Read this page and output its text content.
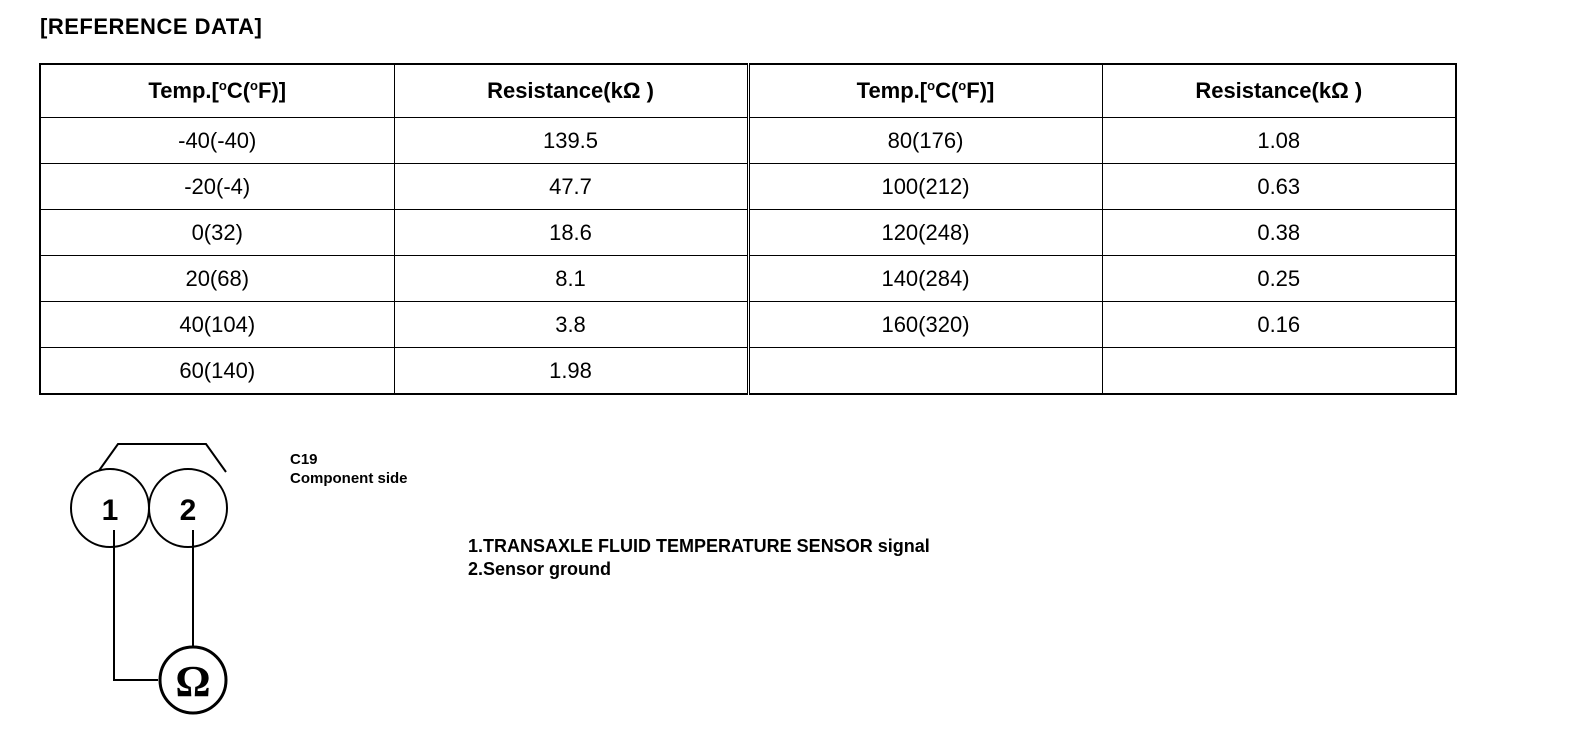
[REFERENCE DATA]
Temp.[$^o$C($^o$F)]	Resistance(kΩ )	Temp.[$^o$C($^o$F)]	Resistance(kΩ )
-40(-40)	139.5	80(176)	1.08
-20(-4)	47.7	100(212)	0.63
0(32)	18.6	120(248)	0.38
20(68)	8.1	140(284)	0.25
40(104)	3.8	160(320)	0.16
60(140)	1.98		
1 2
Ω
C19
Component side
1.TRANSAXLE FLUID TEMPERATURE SENSOR signal
2.Sensor ground
